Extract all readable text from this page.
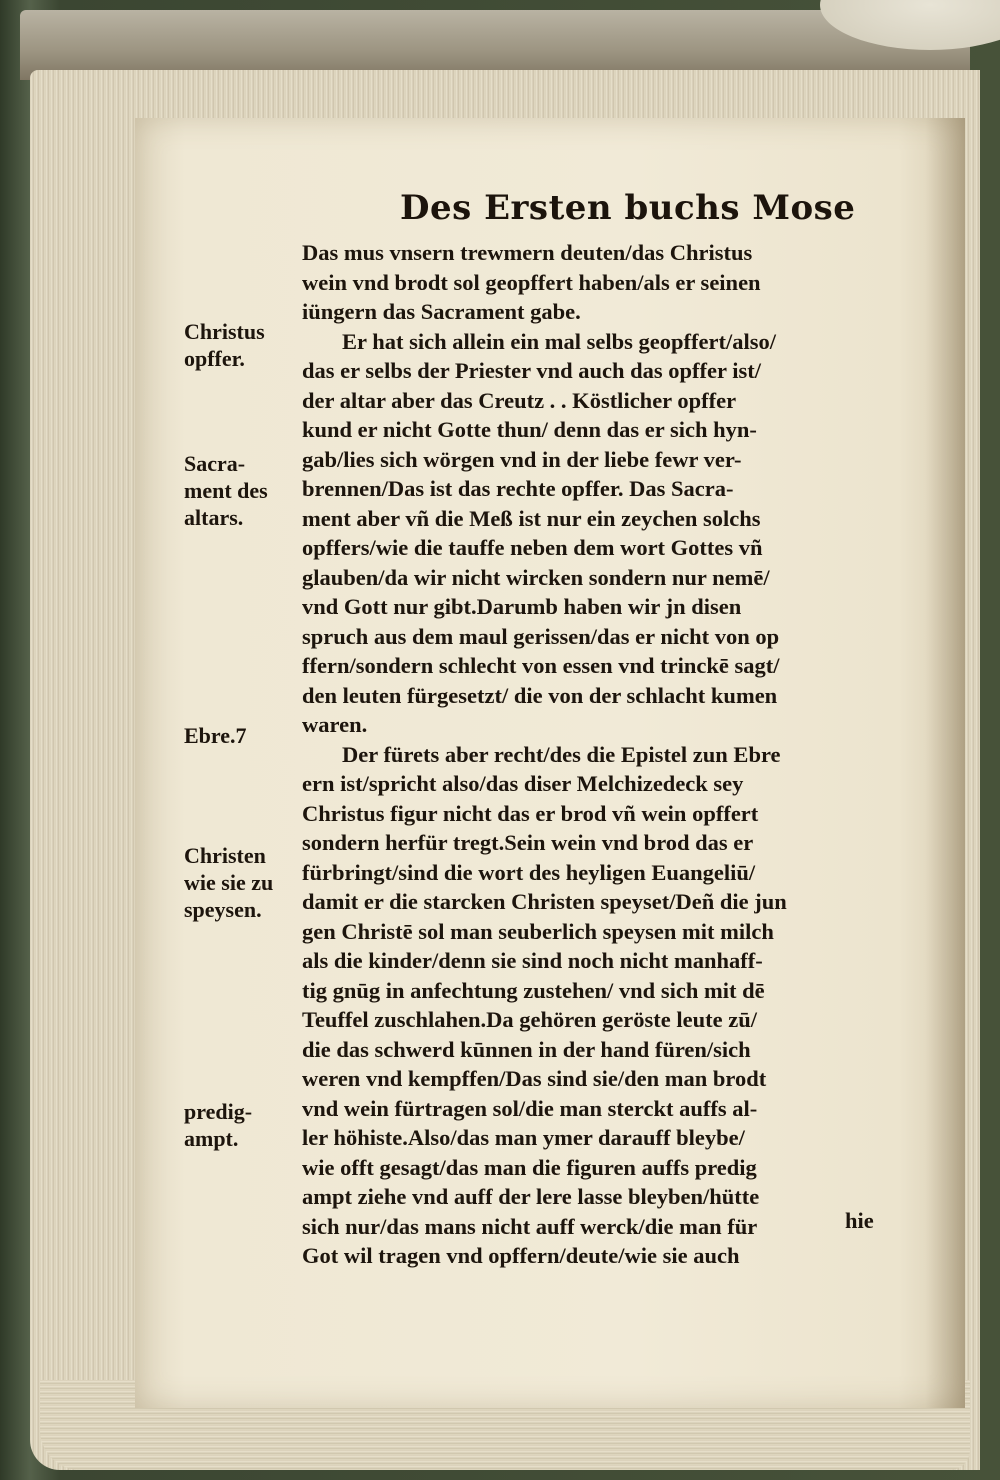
Des Ersten buchs Mose
Das mus vnsern trewmern deuten/das Christus
wein vnd brodt sol geopffert haben/als er seinen
iüngern das Sacrament gabe.
Er hat sich allein ein mal selbs geopffert/also/
das er selbs der Priester vnd auch das opffer ist/
der altar aber das Creutz . . Köstlicher opffer
kund er nicht Gotte thun/ denn das er sich hyn-
gab/lies sich wörgen vnd in der liebe fewr ver-
brennen/Das ist das rechte opffer. Das Sacra-
ment aber vñ die Meß ist nur ein zeychen solchs
opffers/wie die tauffe neben dem wort Gottes vñ
glauben/da wir nicht wircken sondern nur nemē/
vnd Gott nur gibt.Darumb haben wir jn disen
spruch aus dem maul gerissen/das er nicht von op
ffern/sondern schlecht von essen vnd trinckē sagt/
den leuten fürgesetzt/ die von der schlacht kumen
waren.
Der fürets aber recht/des die Epistel zun Ebre
ern ist/spricht also/das diser Melchizedeck sey
Christus figur nicht das er brod vñ wein opffert
sondern herfür tregt.Sein wein vnd brod das er
fürbringt/sind die wort des heyligen Euangeliū/
damit er die starcken Christen speyset/Deñ die jun
gen Christē sol man seuberlich speysen mit milch
als die kinder/denn sie sind noch nicht manhaff-
tig gnūg in anfechtung zustehen/ vnd sich mit dē
Teuffel zuschlahen.Da gehören geröste leute zū/
die das schwerd kūnnen in der hand füren/sich
weren vnd kempffen/Das sind sie/den man brodt
vnd wein fürtragen sol/die man sterckt auffs al-
ler höhiste.Also/das man ymer darauff bleybe/
wie offt gesagt/das man die figuren auffs predig
ampt ziehe vnd auff der lere lasse bleyben/hütte
sich nur/das mans nicht auff werck/die man für
Got wil tragen vnd opffern/deute/wie sie auch
Christus
opffer.
Sacra-
ment des
altars.
Ebre.7
Christen
wie sie zu
speysen.
predig-
ampt.
hie
